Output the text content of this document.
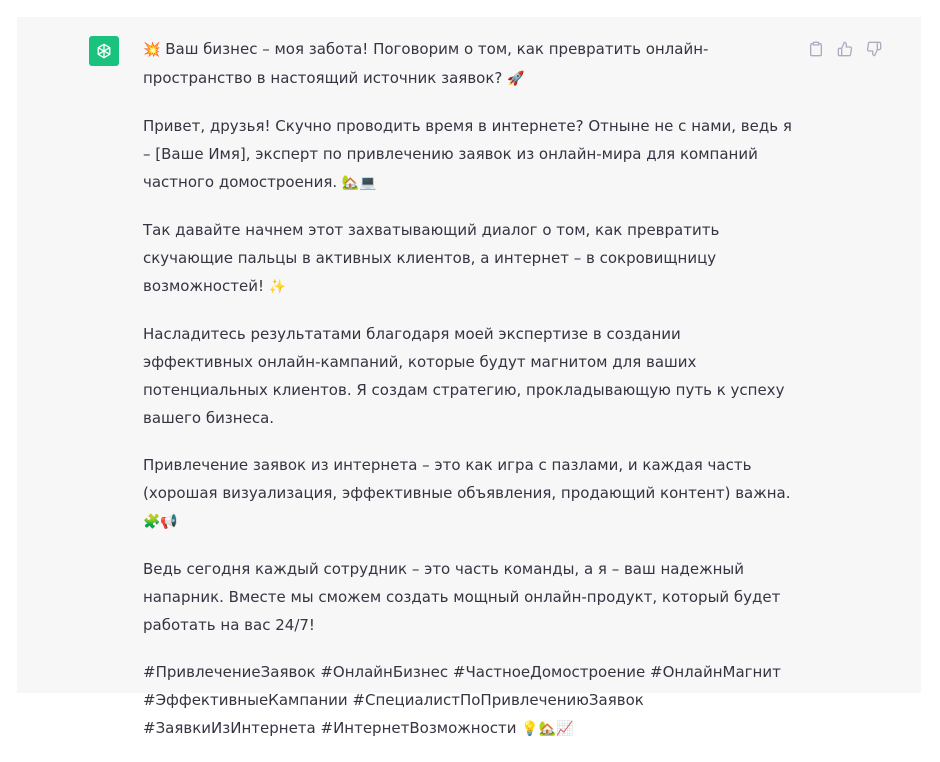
💥 Ваш бизнес – моя забота! Поговорим о том, как превратить онлайн-пространство в настоящий источник заявок? 🚀

Привет, друзья! Скучно проводить время в интернете? Отныне не с нами, ведь я – [Ваше Имя], эксперт по привлечению заявок из онлайн-мира для компаний частного домостроения. 🏡💻

Так давайте начнем этот захватывающий диалог о том, как превратить скучающие пальцы в активных клиентов, а интернет – в сокровищницу возможностей! ✨

Насладитесь результатами благодаря моей экспертизе в создании эффективных онлайн-кампаний, которые будут магнитом для ваших потенциальных клиентов. Я создам стратегию, прокладывающую путь к успеху вашего бизнеса.

Привлечение заявок из интернета – это как игра с пазлами, и каждая часть (хорошая визуализация, эффективные объявления, продающий контент) важна. 🧩📢

Ведь сегодня каждый сотрудник – это часть команды, а я – ваш надежный напарник. Вместе мы сможем создать мощный онлайн-продукт, который будет работать на вас 24/7!

#ПривлечениеЗаявок #ОнлайнБизнес #ЧастноеДомостроение #ОнлайнМагнит #ЭффективныеКампании #СпециалистПоПривлечениюЗаявок #ЗаявкиИзИнтернета #ИнтернетВозможности 💡🏡📈
